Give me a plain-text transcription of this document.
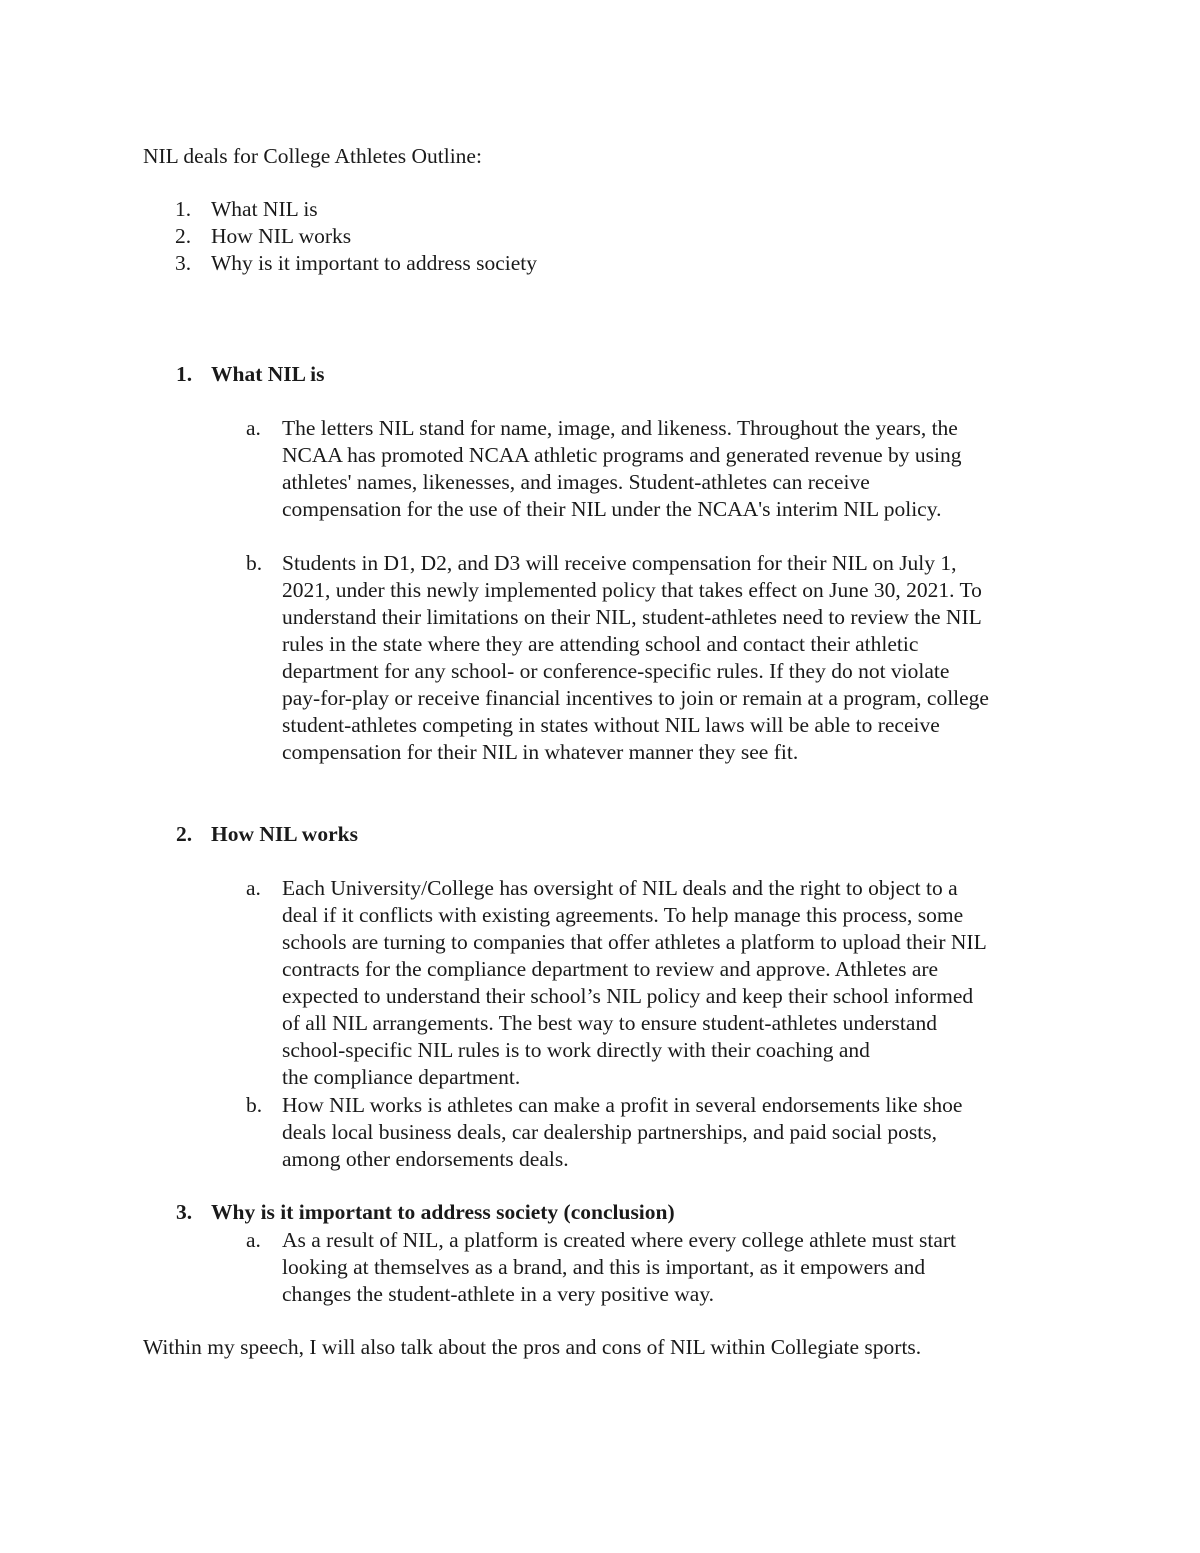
NIL deals for College Athletes Outline:
1. What NIL is
2. How NIL works
3. Why is it important to address society
1. What NIL is
a. The letters NIL stand for name, image, and likeness. Throughout the years, the

NCAA has promoted NCAA athletic programs and generated revenue by using

athletes' names, likenesses, and images. Student-athletes can receive

compensation for the use of their NIL under the NCAA's interim NIL policy.

b. Students in D1, D2, and D3 will receive compensation for their NIL on July 1,

2021, under this newly implemented policy that takes effect on June 30, 2021. To

understand their limitations on their NIL, student-athletes need to review the NIL

rules in the state where they are attending school and contact their athletic

department for any school- or conference-specific rules. If they do not violate

pay-for-play or receive financial incentives to join or remain at a program, college

student-athletes competing in states without NIL laws will be able to receive

compensation for their NIL in whatever manner they see fit.

2. How NIL works
a. Each University/College has oversight of NIL deals and the right to object to a

deal if it conflicts with existing agreements. To help manage this process, some

schools are turning to companies that offer athletes a platform to upload their NIL

contracts for the compliance department to review and approve. Athletes are

expected to understand their school’s NIL policy and keep their school informed

of all NIL arrangements. The best way to ensure student-athletes understand

school-specific NIL rules is to work directly with their coaching and

the compliance department.

b. How NIL works is athletes can make a profit in several endorsements like shoe

deals local business deals, car dealership partnerships, and paid social posts,

among other endorsements deals.

3. Why is it important to address society (conclusion)
a. As a result of NIL, a platform is created where every college athlete must start

looking at themselves as a brand, and this is important, as it empowers and

changes the student-athlete in a very positive way.

Within my speech, I will also talk about the pros and cons of NIL within Collegiate sports.
